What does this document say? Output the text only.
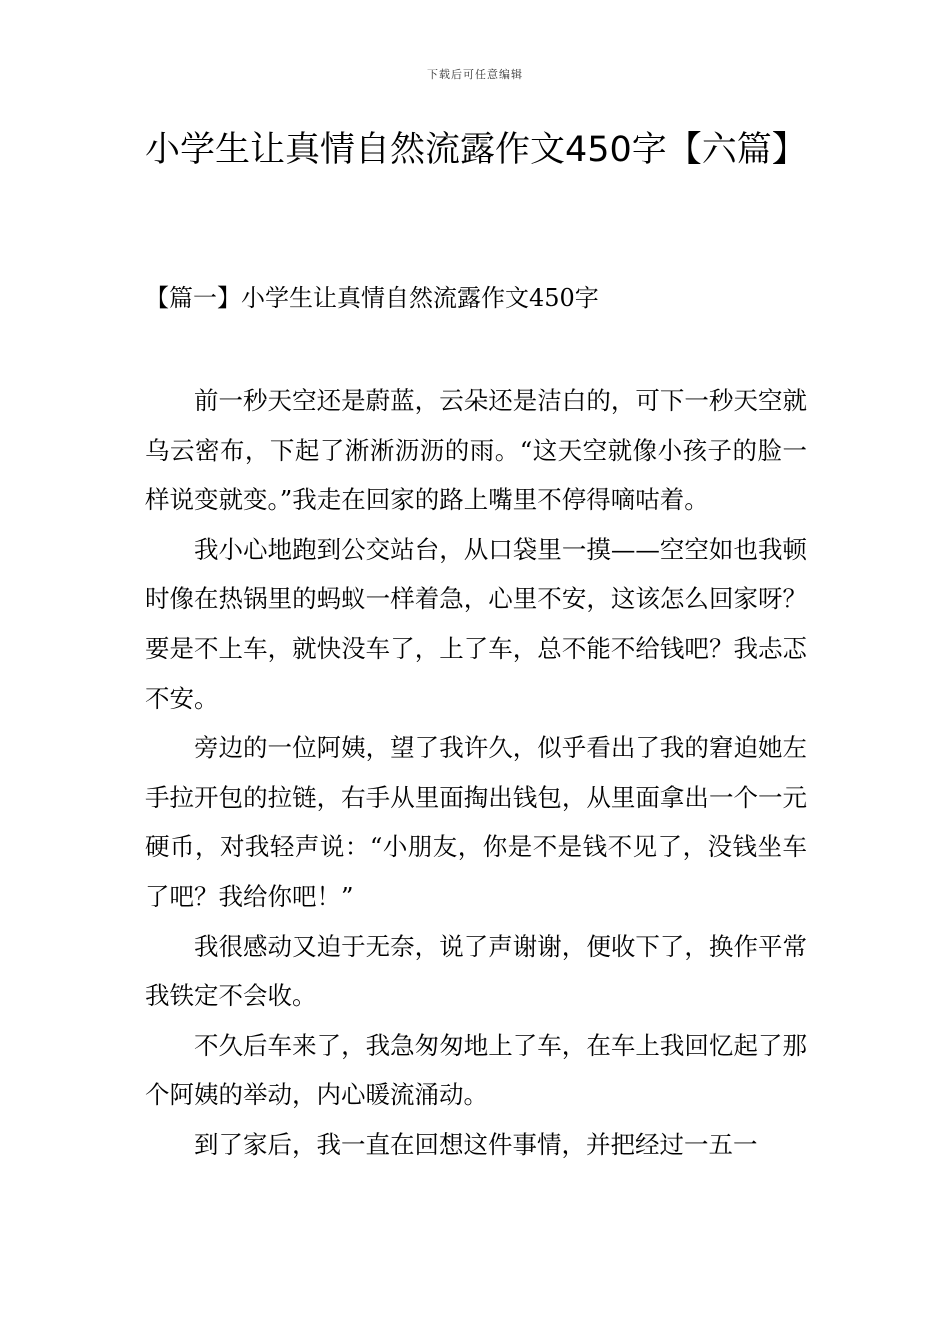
下载后可任意编辑
小学生让真情自然流露作文450字【六篇】
【篇一】小学生让真情自然流露作文450字

前一秒天空还是蔚蓝，云朵还是洁白的，可下一秒天空就乌云密布，下起了淅淅沥沥的雨。“这天空就像小孩子的脸一样说变就变。”我走在回家的路上嘴里不停得嘀咕着。

我小心地跑到公交站台，从口袋里一摸——空空如也我顿时像在热锅里的蚂蚁一样着急，心里不安，这该怎么回家呀？要是不上车，就快没车了，上了车，总不能不给钱吧？我忐忑不安。

旁边的一位阿姨，望了我许久，似乎看出了我的窘迫她左手拉开包的拉链，右手从里面掏出钱包，从里面拿出一个一元硬币，对我轻声说：“小朋友，你是不是钱不见了，没钱坐车了吧？我给你吧！”

我很感动又迫于无奈，说了声谢谢，便收下了，换作平常我铁定不会收。

不久后车来了，我急匆匆地上了车，在车上我回忆起了那个阿姨的举动，内心暖流涌动。

到了家后，我一直在回想这件事情，并把经过一五一
